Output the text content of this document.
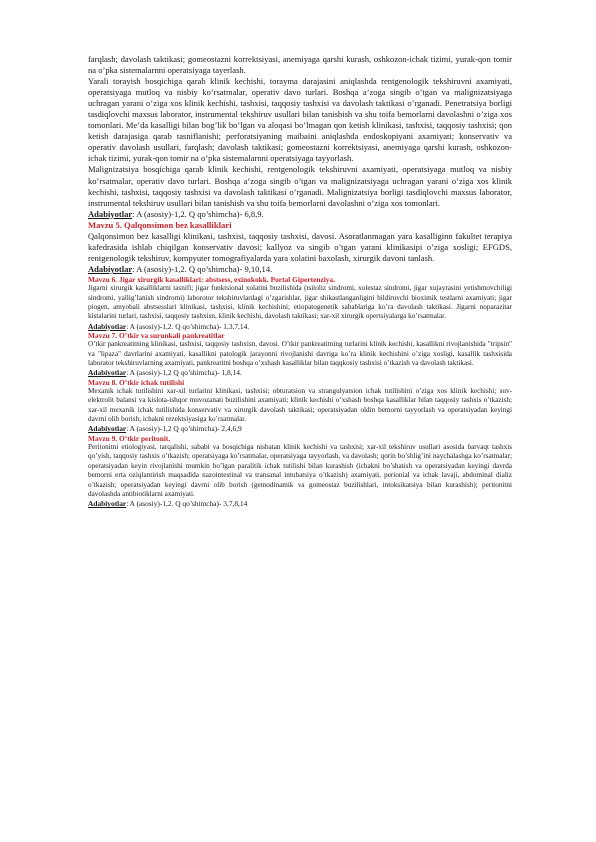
farqlash; davolash taktikasi; gomeostazni korrektsiyasi, anemiyaga qarshi kurash, oshkozon-ichak tizimi, yurak-qon tomir na o’pka sistemalarnni operatsiyaga tayerlash.

Yarali torayish bosqichiga qarab klinik kechishi, torayma darajasini aniqlashda rentgenologik tekshiruvni axamiyati, operatsiyaga mutloq va nisbiy ko’rsatmalar, operativ davo turlari. Boshqa a’zoga singib o’tgan va malignizatsiyaga uchragan yarani o’ziga xos klinik kechishi, tashxisi, taqqosiy tashxisi va davolash taktikasi o’rganadi. Penetratsiya borligi tasdiqlovchi maxsus laborator, instrumental tekshiruv usullari bilan tanishish va shu toifa bemorlarni davolashni o’ziga xos tomonlari. Me’da kasalligi bilan bog’lik bo’lgan va aloqasi bo’lmagan qon ketish klinikasi, tashxisi, taqqosiy tashxisi; qon ketish darajasiga qarab tasniflanishi; perforatsiyaning maibaini aniqlashda endoskopiyani axamiyati; konservativ va operativ davolash usullari, farqlash; davolash taktikasi; gomeostazni korrektsiyasi, anemiyaga qarshi kurash, oshkozon-ichak tizimi, yurak-qon tomir na o’pka sistemalarnni operatsiyaga tayyorlash.

Malignizatsiya bosqichiga qarab klinik kechishi, rentgenologik tekshiruvni axamiyati, operatsiyaga mutloq va nisbiy ko’rsatmalar, operativ davo turlari. Boshqa a’zoga singib o’tgan va malignizatsiyaga uchragan yarani o’ziga xos klinik kechishi, tashxisi, taqqosiy tashxisi va davolash taktikasi o’rganadi. Malignizatsiya borligi tasdiqlovchi maxsus laborator, instrumental tekshiruv usullari bilan tanishish va shu toifa bemorlarni davolashni o’ziga xos tomonlari.

Adabiyotlar: A (asosiy)-1,2. Q qo’shimcha)- 6,8,9.

Mavzu 5. Qalqonsimon bez kasalliklari

Qalqonsimon bez kasalligi klinikasi, tashxisi, taqqosiy tashxisi, davosi. Asoratlanmagan yara kasalliginn fakultet terapiya kafedrasida ishlab chiqilgan konservativ davosi; kallyoz va singib o’tgan yarani klinikasipi o’ziga xosligi; EFGDS, rentgenologik tekshiruv, kompyuter tomografiyalarda yara xolatini baxolash, xirurgik davoni tanlash.

Adabiyotlar: A (asosiy)-1,2. Q qo’shimcha)- 9,10,14.

Mavzu 6. Jigar xirurgik kasalliklari: abstsess, exinokokk. Portal Gipertenziya.

Jigarni xirurgik kasalliklarni tasnifi; jigar funktsional xolatini buzilishida (tsitoliz sindromi, xolestaz sindromi, jigar xujayrasini yetishmovchiligi sindromi, yallig’lanish sindromi) laborotor tekshiruvlardagi o’zgarishlar, jigar shikastlanganligini bildiruvchi bioximik testlarni axamiyati; jigar piogen, amyobali abstsesslari klinikasi, tashxisi, klinik kechishini; etiopatogenetik sabablariga ko’ra davolash taktikasi. Jigarni noparazitar kistalarini turlari, tashxisi, taqqosiy tashxisn, klinik kechishi, davolash taktikasi; xar-xil xirurgik opertsiyalarga ko’rsatmalar.

Adabiyotlar: A (asosiy)-1,2. Q qo’shimcha)- 1,3,7,14.

Mavzu 7. O’tkir va surunkali pankreatitlar

O’tkir pankreatitning klinikasi, tashxisi, taqqosiy tashxisn, davosi. O’tkir pankreatitning turlarini klinik kechishi, kasallikni rivojlanishida "tripsin" va "lipaza" davrlarini axamiyati, kasallikni patologik jarayonni rivojlanishi davriga ko’ra klinik kechishini o’ziga xosligi, kasallik tashxisida laborator tekshiruvlarning axamiyati, pankreatitni boshqa o’xshash kasalliklar bilan taqqkosiy tashxisi o’tkazish va davolash taktikasi.

Adabiyotlar: A (asosiy)-1,2 Q qo’shimcha)- 1,8,14.

Mavzu 8. O’tkir ichak tutilishi

Mexanik ichak tutilishini xar-xil turlarini klinikasi, tashxisi; obturatsion va strangulyatsion ichak tutilishini o’ziga xos klinik kechishi; suv-elektrolit balansi va kislota-ishqor muvozanati buzilishini axamiyati; klinik kechishi o’xshash boshqa kasalliklar bilan taqqosiy tashxis o’tkazish; xar-xil mexanik ichak tutilishida konservativ va xirurgik davolash taktikasi; operatsiyadan oldin bemorni tayyorlash va operatsiyadan keyingi davrni olib borish; ichakni rezektsiyasiga ko’rsatmalar.

Adabiyotlar: A (asosiy)-1,2 Q qo’shimcha)- 2,4,6,9

Mavzu 9. O’tkir peritonit.

Peritonitni etiologiyasi, tarqalishi, sababi va bosqichiga nisbatan klinik kechishi va tashxisi; xar-xil tekshiruv usullari asosida barvaqt tashxis qo’yish, taqqosiy tashxis o’tkazish; operatsiyaga ko’rsatmalar, operatsiyaga tayyorlash, va davolash; qorin bo’shlig’ini naychalashga ko’rsatmalar; operatsiyadan keyin rivojlanishi mumkin bo’lgan paralitik ichak tutilishi bilan kurashish (ichakni bo’shatish va operatsiyadan keyingi davrda bemorni erta oziqlantirish maqsadida nazointestinal va transanal intubatsiya o’tkazish) axamiyati, perionial va ichak lavaji, abdominal dializ o’tkazish; operatsiyadan keyingi davrni olib borish (gemodinamik va gomeostaz buzilishlari, intoksikatsiya bilan kurashish); peritonitni davolashda antibiotiklarni axamiyati.

Adabiyotlar: A (asosiy)-1,2. Q qo’shimcha)- 3,7,8,14
